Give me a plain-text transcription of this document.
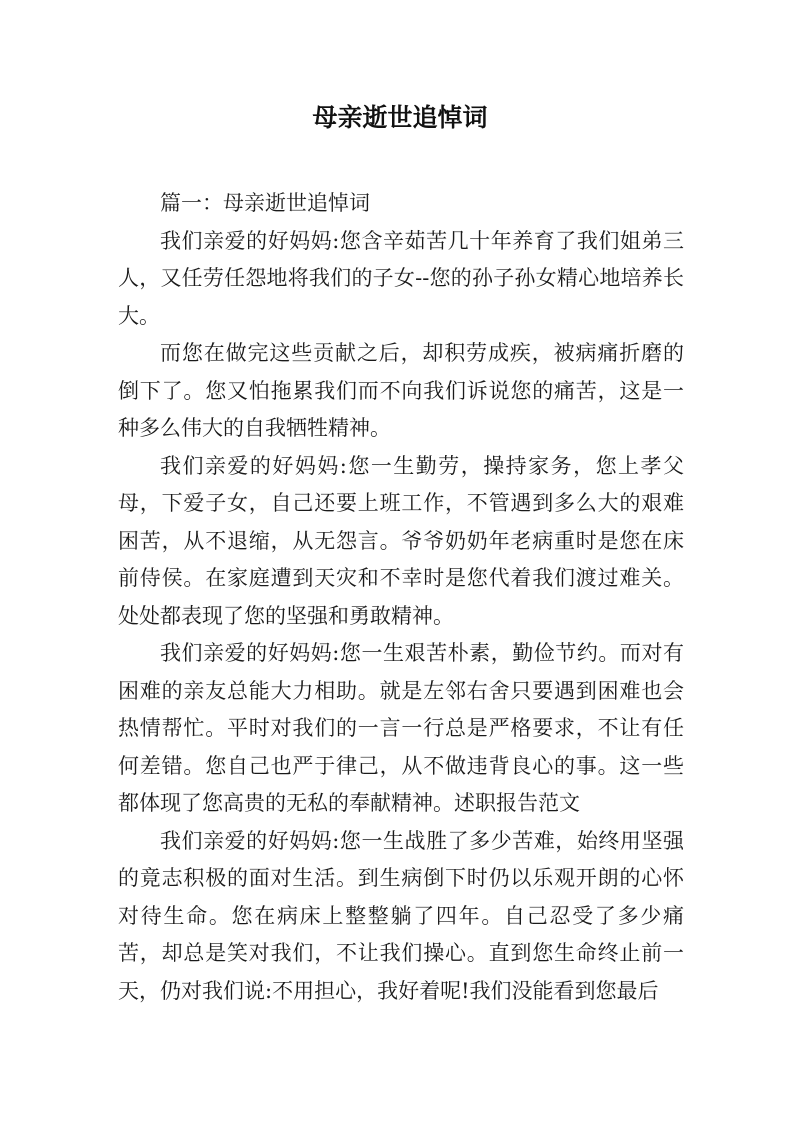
母亲逝世追悼词

篇一：母亲逝世追悼词

我们亲爱的好妈妈:您含辛茹苦几十年养育了我们姐弟三人，又任劳任怨地将我们的子女--您的孙子孙女精心地培养长大。

而您在做完这些贡献之后，却积劳成疾，被病痛折磨的倒下了。您又怕拖累我们而不向我们诉说您的痛苦，这是一种多么伟大的自我牺牲精神。

我们亲爱的好妈妈:您一生勤劳，操持家务，您上孝父母，下爱子女，自己还要上班工作，不管遇到多么大的艰难困苦，从不退缩，从无怨言。爷爷奶奶年老病重时是您在床前侍侯。在家庭遭到天灾和不幸时是您代着我们渡过难关。处处都表现了您的坚强和勇敢精神。

我们亲爱的好妈妈:您一生艰苦朴素，勤俭节约。而对有困难的亲友总能大力相助。就是左邻右舍只要遇到困难也会热情帮忙。平时对我们的一言一行总是严格要求，不让有任何差错。您自己也严于律己，从不做违背良心的事。这一些都体现了您高贵的无私的奉献精神。述职报告范文

我们亲爱的好妈妈:您一生战胜了多少苦难，始终用坚强的竟志积极的面对生活。到生病倒下时仍以乐观开朗的心怀对待生命。您在病床上整整躺了四年。自己忍受了多少痛苦，却总是笑对我们，不让我们操心。直到您生命终止前一天，仍对我们说:不用担心，我好着呢!我们没能看到您最后
